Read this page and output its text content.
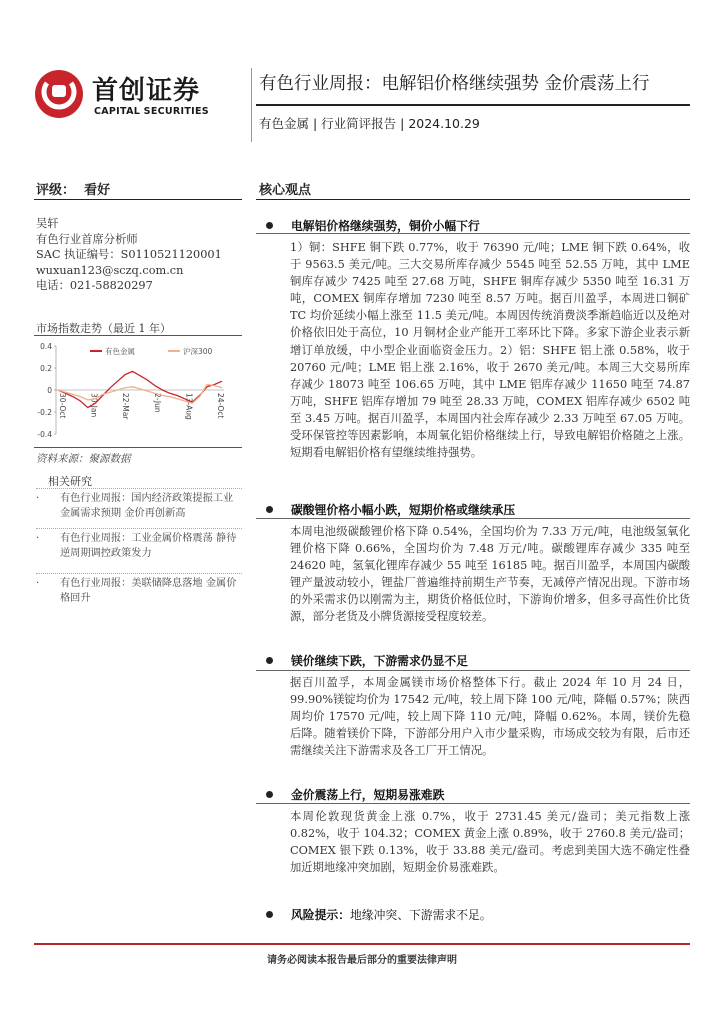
首创证券
CAPITAL SECURITIES
有色行业周报：电解铝价格继续强势 金价震荡上行
有色金属 | 行业简评报告 | 2024.10.29
评级： 看好	核心观点
吴轩
有色行业首席分析师
SAC 执证编号：S0110521120001
wuxuan123@sczq.com.cn
电话：021-58820297
市场指数走势（最近 1 年）
0.4
0.2
0
-0.2
-0.4
30-Oct	30-Jan	22-Mar	2-Jun	13-Aug	24-Oct
有色金属	沪深300
资料来源：聚源数据
相关研究
· 有色行业周报：国内经济政策提振工业金属需求预期 金价再创新高
· 有色行业周报：工业金属价格震荡 静待逆周期调控政策发力
· 有色行业周报：美联储降息落地 金属价格回升
电解铝价格继续强势，铜价小幅下行

1）铜：SHFE 铜下跌 0.77%，收于 76390 元/吨；LME 铜下跌 0.64%，收于 9563.5 美元/吨。三大交易所库存减少 5545 吨至 52.55 万吨，其中 LME 铜库存减少 7425 吨至 27.68 万吨，SHFE 铜库存减少 5350 吨至 16.31 万吨，COMEX 铜库存增加 7230 吨至 8.57 万吨。据百川盈孚，本周进口铜矿 TC 均价延续小幅上涨至 11.5 美元/吨。本周因传统消费淡季渐趋临近以及绝对价格依旧处于高位，10 月铜材企业产能开工率环比下降。多家下游企业表示新增订单放缓，中小型企业面临资金压力。2）铝：SHFE 铝上涨 0.58%，收于 20760 元/吨；LME 铝上涨 2.16%，收于 2670 美元/吨。本周三大交易所库存减少 18073 吨至 106.65 万吨，其中 LME 铝库存减少 11650 吨至 74.87 万吨，SHFE 铝库存增加 79 吨至 28.33 万吨，COMEX 铝库存减少 6502 吨至 3.45 万吨。据百川盈孚，本周国内社会库存减少 2.33 万吨至 67.05 万吨。受环保管控等因素影响，本周氧化铝价格继续上行，导致电解铝价格随之上涨。短期看电解铝价格有望继续维持强势。

碳酸锂价格小幅小跌，短期价格或继续承压

本周电池级碳酸锂价格下降 0.54%，全国均价为 7.33 万元/吨，电池级氢氧化锂价格下降 0.66%，全国均价为 7.48 万元/吨。碳酸锂库存减少 335 吨至 24620 吨，氢氧化锂库存减少 55 吨至 16185 吨。据百川盈孚，本周国内碳酸锂产量波动较小，锂盐厂普遍维持前期生产节奏，无减停产情况出现。下游市场的外采需求仍以刚需为主，期货价格低位时，下游询价增多，但多寻高性价比货源，部分老货及小牌货源接受程度较差。

镁价继续下跌，下游需求仍显不足

据百川盈孚，本周金属镁市场价格整体下行。截止 2024 年 10 月 24 日，99.90%镁锭均价为 17542 元/吨，较上周下降 100 元/吨，降幅 0.57%；陕西周均价 17570 元/吨，较上周下降 110 元/吨，降幅 0.62%。本周，镁价先稳后降。随着镁价下降，下游部分用户入市少量采购，市场成交较为有限，后市还需继续关注下游需求及各工厂开工情况。

金价震荡上行，短期易涨难跌

本周伦敦现货黄金上涨 0.7%，收于 2731.45 美元/盎司；美元指数上涨 0.82%，收于 104.32；COMEX 黄金上涨 0.89%，收于 2760.8 美元/盎司；COMEX 银下跌 0.13%，收于 33.88 美元/盎司。考虑到美国大选不确定性叠加近期地缘冲突加剧，短期金价易涨难跌。

风险提示：地缘冲突、下游需求不足。
请务必阅读本报告最后部分的重要法律声明
